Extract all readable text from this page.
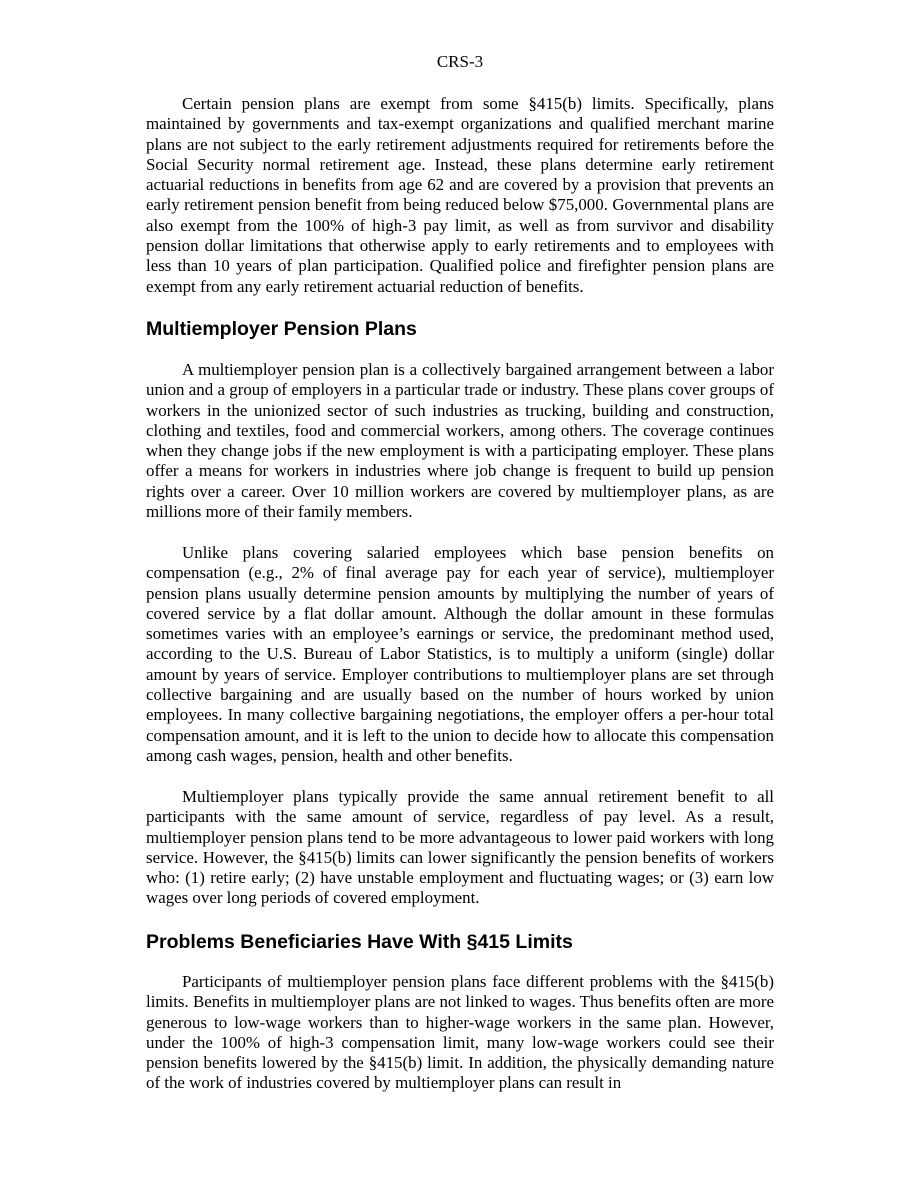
CRS-3

Certain pension plans are exempt from some §415(b) limits. Specifically, plans maintained by governments and tax-exempt organizations and qualified merchant marine plans are not subject to the early retirement adjustments required for retirements before the Social Security normal retirement age. Instead, these plans determine early retirement actuarial reductions in benefits from age 62 and are covered by a provision that prevents an early retirement pension benefit from being reduced below $75,000. Governmental plans are also exempt from the 100% of high-3 pay limit, as well as from survivor and disability pension dollar limitations that otherwise apply to early retirements and to employees with less than 10 years of plan participation. Qualified police and firefighter pension plans are exempt from any early retirement actuarial reduction of benefits.

Multiemployer Pension Plans

A multiemployer pension plan is a collectively bargained arrangement between a labor union and a group of employers in a particular trade or industry. These plans cover groups of workers in the unionized sector of such industries as trucking, building and construction, clothing and textiles, food and commercial workers, among others. The coverage continues when they change jobs if the new employment is with a participating employer. These plans offer a means for workers in industries where job change is frequent to build up pension rights over a career. Over 10 million workers are covered by multiemployer plans, as are millions more of their family members.

Unlike plans covering salaried employees which base pension benefits on compensation (e.g., 2% of final average pay for each year of service), multiemployer pension plans usually determine pension amounts by multiplying the number of years of covered service by a flat dollar amount. Although the dollar amount in these formulas sometimes varies with an employee’s earnings or service, the predominant method used, according to the U.S. Bureau of Labor Statistics, is to multiply a uniform (single) dollar amount by years of service. Employer contributions to multiemployer plans are set through collective bargaining and are usually based on the number of hours worked by union employees. In many collective bargaining negotiations, the employer offers a per-hour total compensation amount, and it is left to the union to decide how to allocate this compensation among cash wages, pension, health and other benefits.

Multiemployer plans typically provide the same annual retirement benefit to all participants with the same amount of service, regardless of pay level. As a result, multiemployer pension plans tend to be more advantageous to lower paid workers with long service. However, the §415(b) limits can lower significantly the pension benefits of workers who: (1) retire early; (2) have unstable employment and fluctuating wages; or (3) earn low wages over long periods of covered employment.

Problems Beneficiaries Have With §415 Limits

Participants of multiemployer pension plans face different problems with the §415(b) limits. Benefits in multiemployer plans are not linked to wages. Thus benefits often are more generous to low-wage workers than to higher-wage workers in the same plan. However, under the 100% of high-3 compensation limit, many low-wage workers could see their pension benefits lowered by the §415(b) limit. In addition, the physically demanding nature of the work of industries covered by multiemployer plans can result in
